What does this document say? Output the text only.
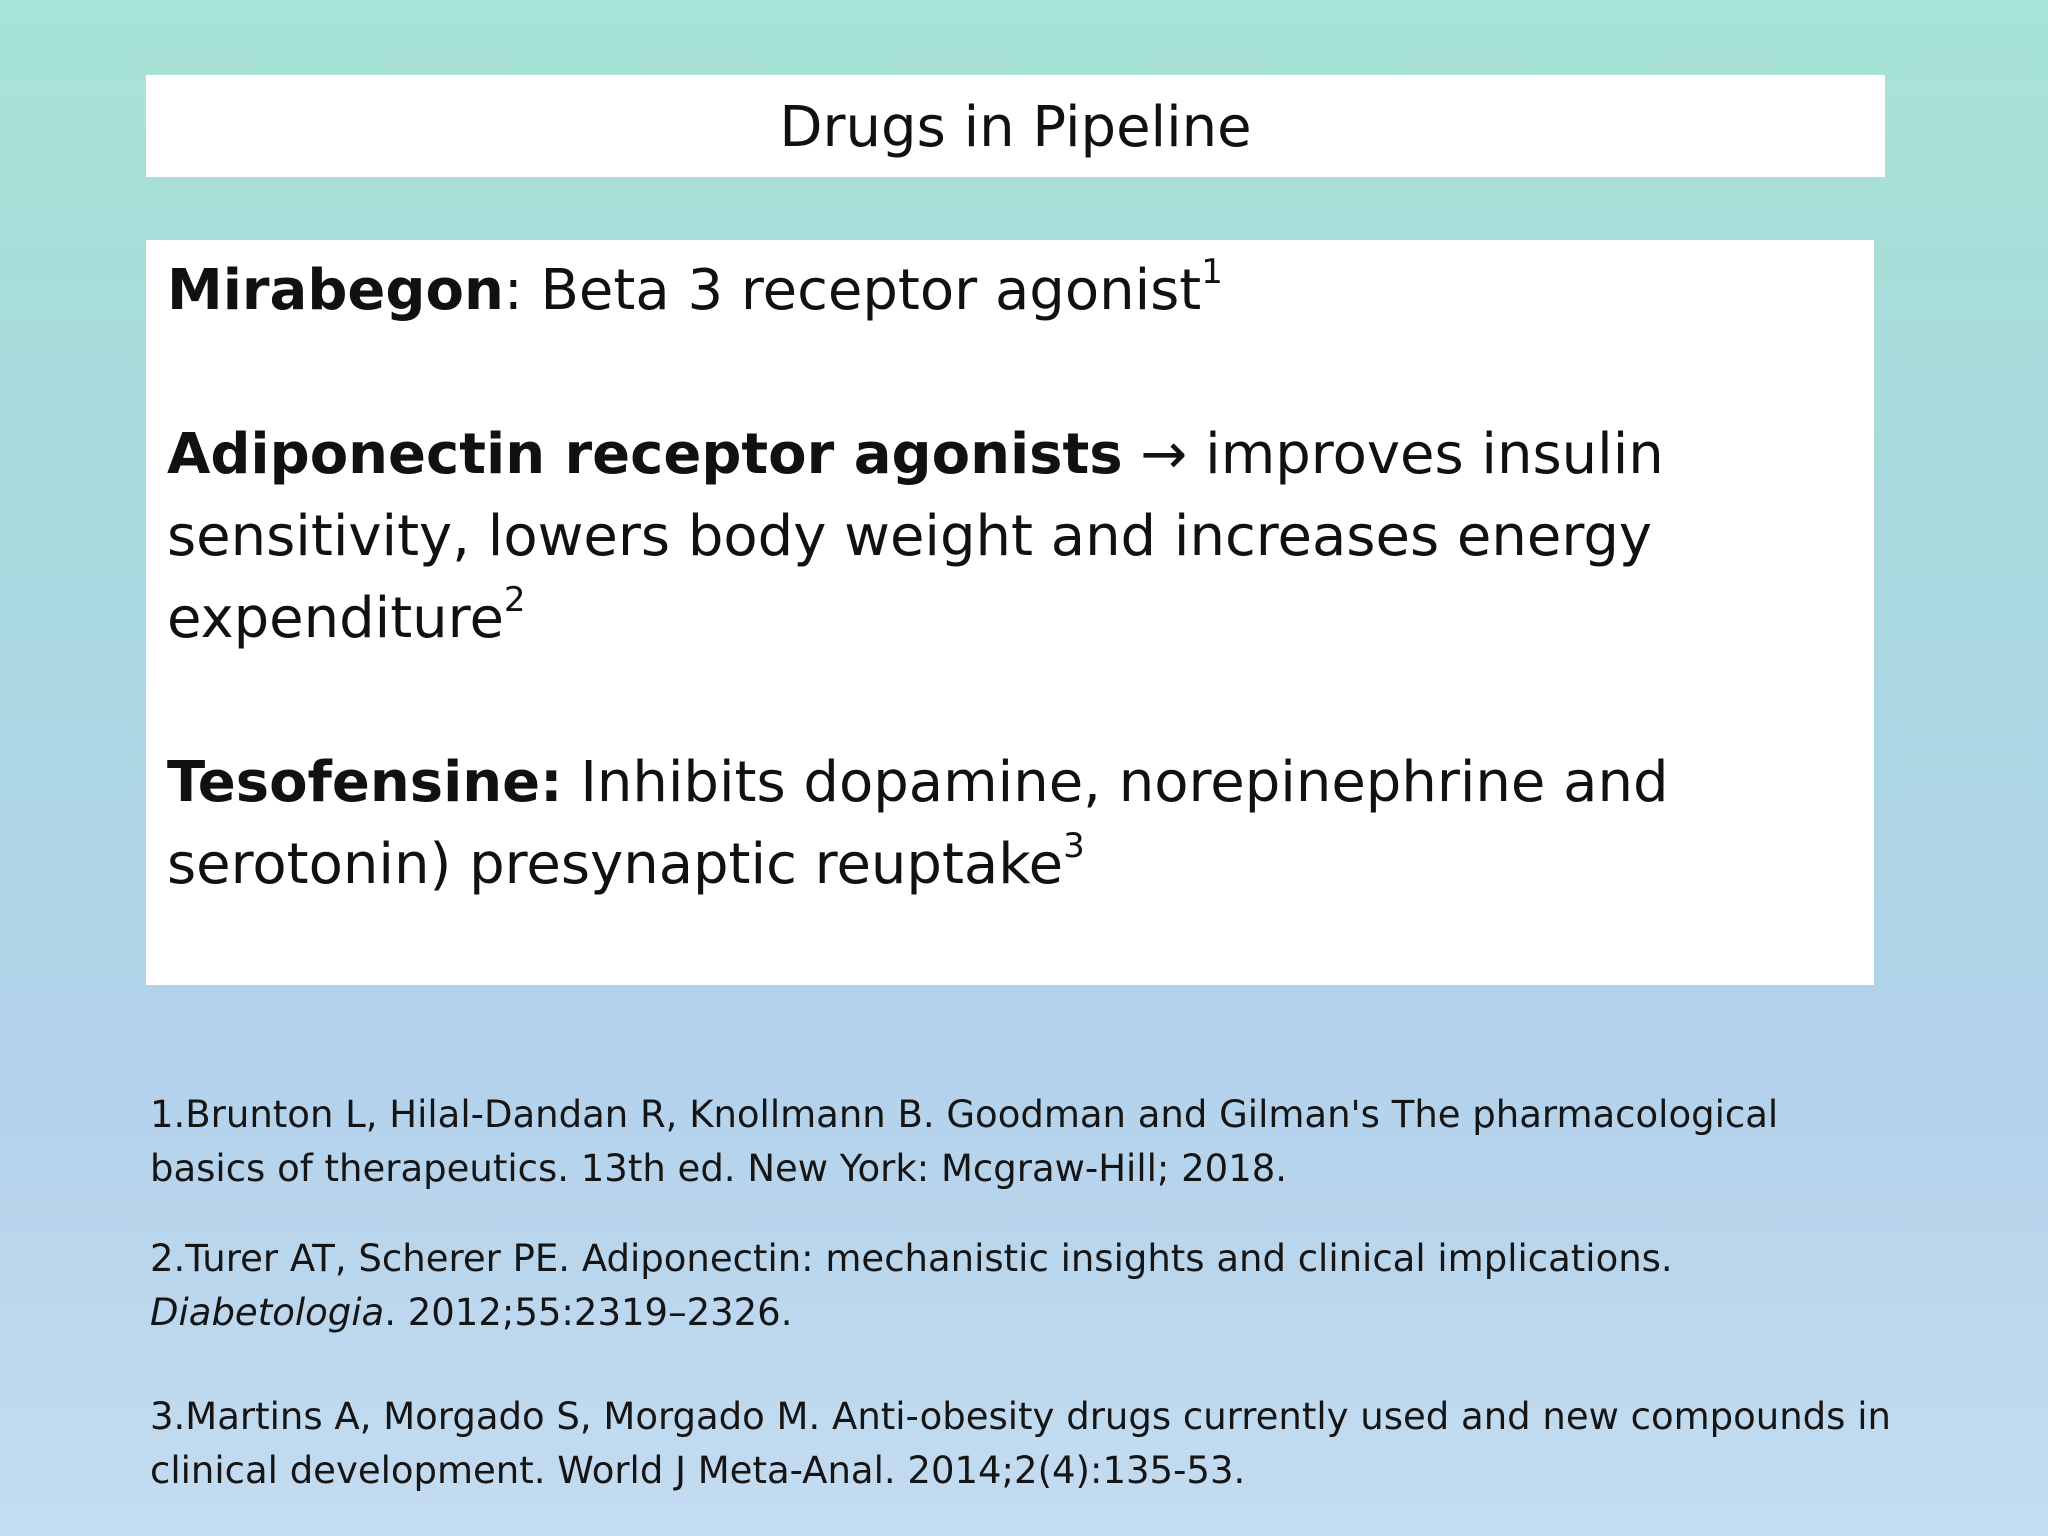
Drugs in Pipeline

Mirabegon: Beta 3 receptor agonist$^1$

Adiponectin receptor agonists → improves insulin sensitivity, lowers body weight and increases energy expenditure$^2$

Tesofensine: Inhibits dopamine, norepinephrine and serotonin) presynaptic reuptake$^3$

1.Brunton L, Hilal-Dandan R, Knollmann B. Goodman and Gilman's The pharmacological basics of therapeutics. 13th ed. New York: Mcgraw-Hill; 2018.

2.Turer AT, Scherer PE. Adiponectin: mechanistic insights and clinical implications. Diabetologia. 2012;55:2319–2326.

3.Martins A, Morgado S, Morgado M. Anti-obesity drugs currently used and new compounds in clinical development. World J Meta-Anal. 2014;2(4):135-53.
